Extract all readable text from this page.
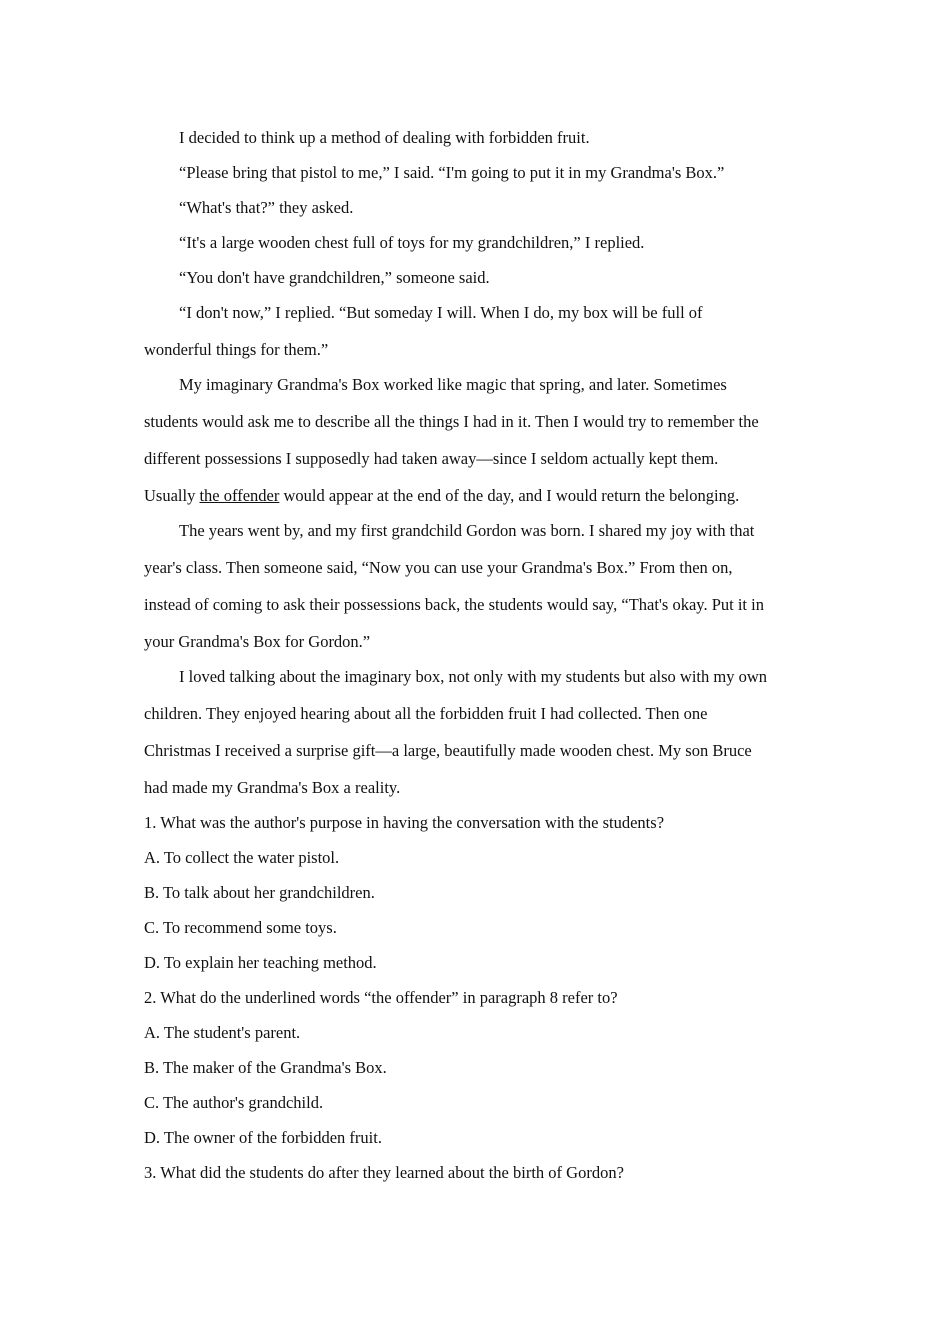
I decided to think up a method of dealing with forbidden fruit.

“Please bring that pistol to me,” I said. “I'm going to put it in my Grandma's Box.”

“What's that?” they asked.

“It's a large wooden chest full of toys for my grandchildren,” I replied.

“You don't have grandchildren,” someone said.

“I don't now,” I replied. “But someday I will. When I do, my box will be full of

wonderful things for them.”

My imaginary Grandma's Box worked like magic that spring, and later. Sometimes

students would ask me to describe all the things I had in it. Then I would try to remember the

different possessions I supposedly had taken away—since I seldom actually kept them.

Usually the offender would appear at the end of the day, and I would return the belonging.

The years went by, and my first grandchild Gordon was born. I shared my joy with that

year's class. Then someone said, “Now you can use your Grandma's Box.” From then on,

instead of coming to ask their possessions back, the students would say, “That's okay. Put it in

your Grandma's Box for Gordon.”

I loved talking about the imaginary box, not only with my students but also with my own

children. They enjoyed hearing about all the forbidden fruit I had collected. Then one

Christmas I received a surprise gift—a large, beautifully made wooden chest. My son Bruce

had made my Grandma's Box a reality.

1. What was the author's purpose in having the conversation with the students?

A. To collect the water pistol.

B. To talk about her grandchildren.

C. To recommend some toys.

D. To explain her teaching method.

2. What do the underlined words “the offender” in paragraph 8 refer to?

A. The student's parent.

B. The maker of the Grandma's Box.

C. The author's grandchild.

D. The owner of the forbidden fruit.

3. What did the students do after they learned about the birth of Gordon?
